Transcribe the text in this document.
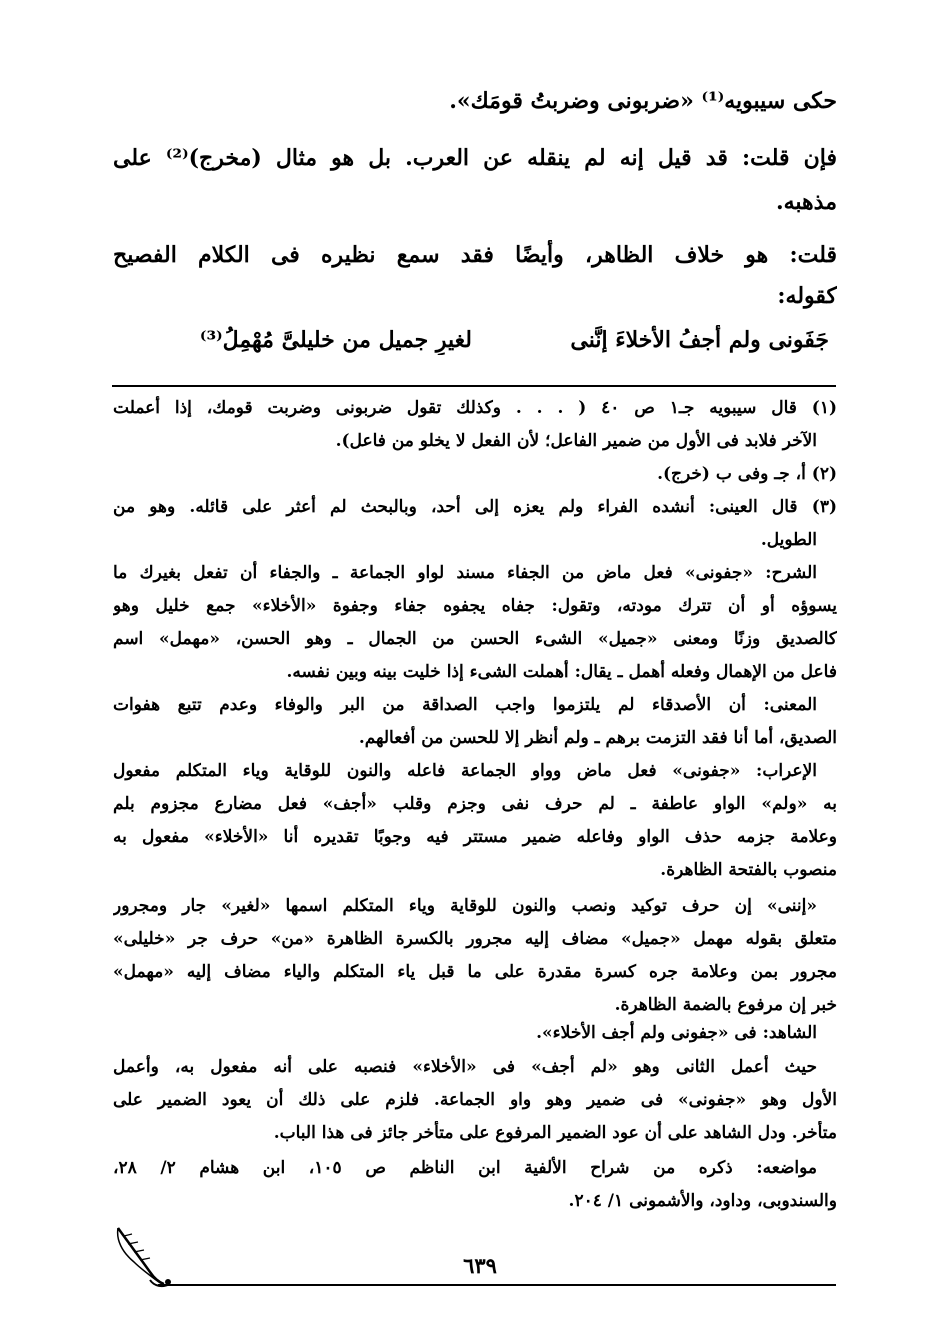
حكى سيبويه⁽¹⁾ «ضربونى وضربتُ قومَك».
فإن قلت: قد قيل إنه لم ينقله عن العرب. بل هو مثال (مخرج)⁽²⁾ على
مذهبه.
قلت: هو خلاف الظاهر، وأيضًا فقد سمع نظيره فى الكلام الفصيح
كقوله:
جَفَونى ولم أجفُ الأخلاءَ إنَّنى
لغيرِ جميل من خليلىَّ مُهْمِلُ⁽³⁾
(١) قال سيبويه جـ١ ص ٤٠ ( . . . وكذلك تقول ضربونى وضربت قومك، إذا أعملت
الآخر فلابد فى الأول من ضمير الفاعل؛ لأن الفعل لا يخلو من فاعل).
(٢) أ، جـ وفى ب (خرج).
(٣) قال العينى: أنشده الفراء ولم يعزه إلى أحد، وبالبحث لم أعثر على قائله. وهو من
الطويل.
الشرح: «جفونى» فعل ماض من الجفاء مسند لواو الجماعة ـ والجفاء أن تفعل بغيرك ما
يسوؤه أو أن تترك مودته، وتقول: جفاه يجفوه جفاء وجفوة «الأخلاء» جمع خليل وهو
كالصديق وزنًا ومعنى «جميل» الشىء الحسن من الجمال ـ وهو الحسن، «مهمل» اسم
فاعل من الإهمال وفعله أهمل ـ يقال: أهملت الشىء إذا خليت بينه وبين نفسه.
المعنى: أن الأصدقاء لم يلتزموا واجب الصداقة من البر والوفاء وعدم تتبع هفوات
الصديق، أما أنا فقد التزمت برهم ـ ولم أنظر إلا للحسن من أفعالهم.
الإعراب: «جفونى» فعل ماض وواو الجماعة فاعله والنون للوقاية وياء المتكلم مفعول
به «ولم» الواو عاطفة ـ لم حرف نفى وجزم وقلب «أجف» فعل مضارع مجزوم بلم
وعلامة جزمه حذف الواو وفاعله ضمير مستتر فيه وجوبًا تقديره أنا «الأخلاء» مفعول به
منصوب بالفتحة الظاهرة.
«إننى» إن حرف توكيد ونصب والنون للوقاية وياء المتكلم اسمها «لغير» جار ومجرور
متعلق بقوله مهمل «جميل» مضاف إليه مجرور بالكسرة الظاهرة «من» حرف جر «خليلى»
مجرور بمن وعلامة جره كسرة مقدرة على ما قبل ياء المتكلم والياء مضاف إليه «مهمل»
خبر إن مرفوع بالضمة الظاهرة.
الشاهد: فى «جفونى ولم أجف الأخلاء».
حيث أعمل الثانى وهو «لم أجف» فى «الأخلاء» فنصبه على أنه مفعول به، وأعمل
الأول وهو «جفونى» فى ضمير وهو واو الجماعة. فلزم على ذلك أن يعود الضمير على
متأخر. ودل الشاهد على أن عود الضمير المرفوع على متأخر جائز فى هذا الباب.
مواضعه: ذكره من شراح الألفية ابن الناظم ص ١٠٥، ابن هشام ٢/ ٢٨،
والسندوبى، وداود، والأشمونى ١/ ٢٠٤.
٦٣٩
